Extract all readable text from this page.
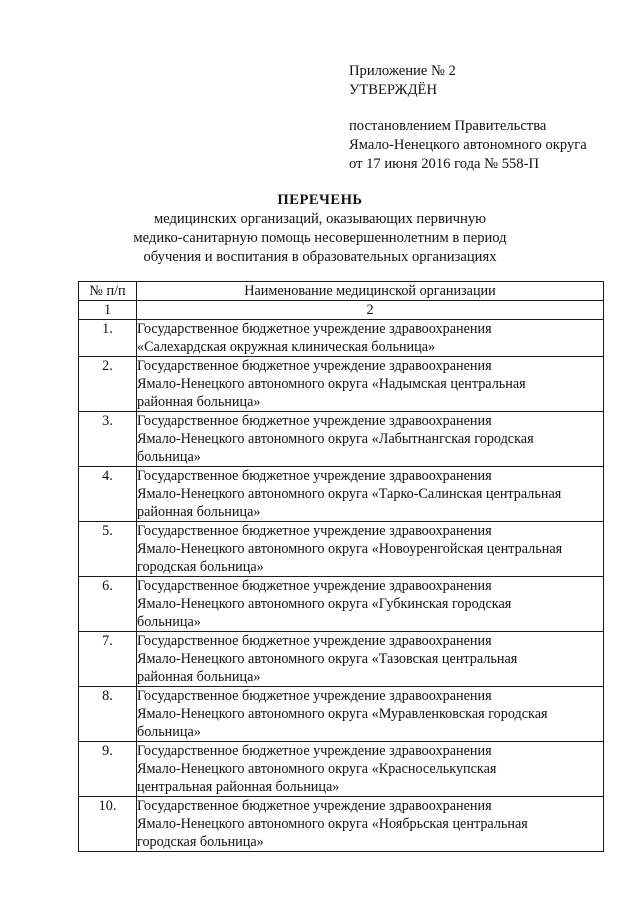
Приложение № 2
УТВЕРЖДЁН
постановлением Правительства
Ямало-Ненецкого автономного округа
от 17 июня 2016 года № 558-П
ПЕРЕЧЕНЬ
медицинских организаций, оказывающих первичную
медико-санитарную помощь несовершеннолетним в период
обучения и воспитания в образовательных организациях
№ п/п	Наименование медицинской организации
1	2
1.	Государственное бюджетное учреждение здравоохранения
«Салехардская окружная клиническая больница»

2.	Государственное бюджетное учреждение здравоохранения
Ямало-Ненецкого автономного округа «Надымская центральная
районная больница»

3.	Государственное бюджетное учреждение здравоохранения
Ямало-Ненецкого автономного округа «Лабытнангская городская
больница»

4.	Государственное бюджетное учреждение здравоохранения
Ямало-Ненецкого автономного округа «Тарко-Салинская центральная
районная больница»

5.	Государственное бюджетное учреждение здравоохранения
Ямало-Ненецкого автономного округа «Новоуренгойская центральная
городская больница»

6.	Государственное бюджетное учреждение здравоохранения
Ямало-Ненецкого автономного округа «Губкинская городская
больница»

7.	Государственное бюджетное учреждение здравоохранения
Ямало-Ненецкого автономного округа «Тазовская центральная
районная больница»

8.	Государственное бюджетное учреждение здравоохранения
Ямало-Ненецкого автономного округа «Муравленковская городская
больница»

9.	Государственное бюджетное учреждение здравоохранения
Ямало-Ненецкого автономного округа «Красноселькупская
центральная районная больница»

10.	Государственное бюджетное учреждение здравоохранения
Ямало-Ненецкого автономного округа «Ноябрьская центральная
городская больница»
